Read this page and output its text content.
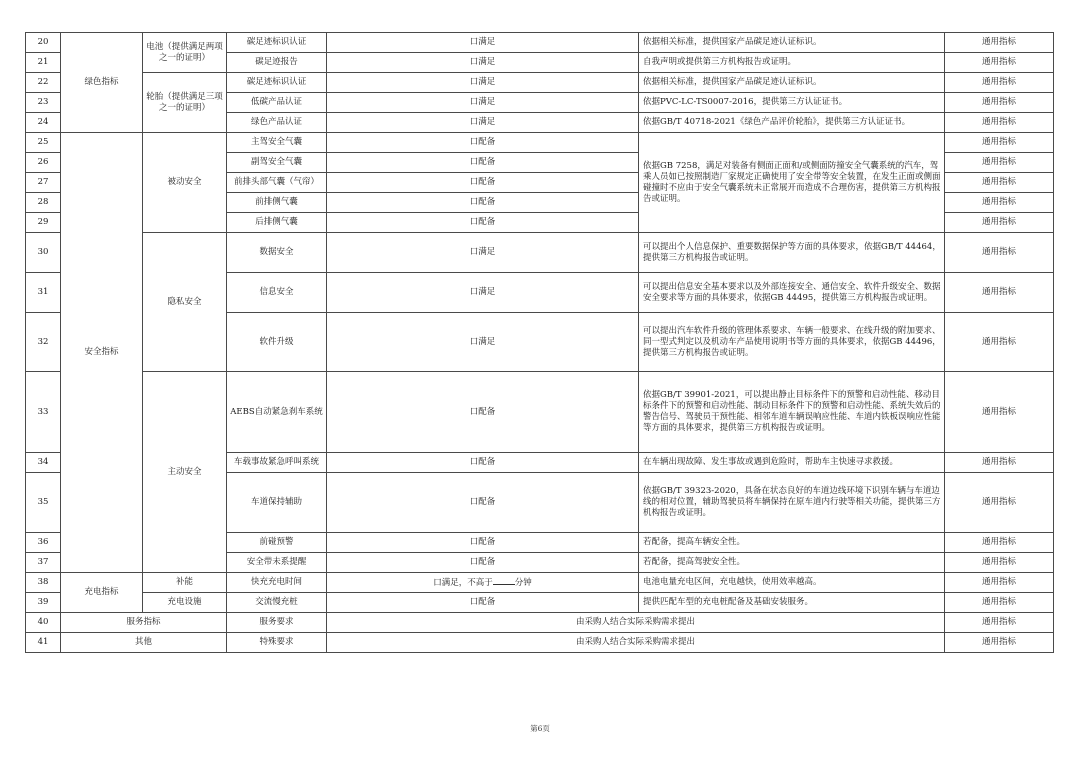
20	绿色指标	电池（提供满足两项之一的证明）	碳足迹标识认证	口满足	依据相关标准，提供国家产品碳足迹认证标识。	通用指标
21			碳足迹报告	口满足	自我声明或提供第三方机构报告或证明。	通用指标
22		轮胎（提供满足三项之一的证明）	碳足迹标识认证	口满足	依据相关标准，提供国家产品碳足迹认证标识。	通用指标
23			低碳产品认证	口满足	依据PVC-LC-TS0007-2016，提供第三方认证证书。	通用指标
24			绿色产品认证	口满足	依据GB/T 40718-2021《绿色产品评价轮胎》，提供第三方认证证书。	通用指标
25	安全指标	被动安全	主驾安全气囊	口配备		通用指标
26			副驾安全气囊	口配备	依据GB 7258，满足对装备有侧面正面和/或侧面防撞安全气囊系统的汽车，驾乘人员如已按照制造厂家规定正确使用了安全带等安全装置，在发生正面或侧面碰撞时不应由于安全气囊系统未正常展开而造成不合理伤害，提供第三方机构报告或证明。	通用指标
27			前排头部气囊（气帘）	口配备		通用指标
28			前排侧气囊	口配备		通用指标
29			后排侧气囊	口配备		通用指标
30		隐私安全	数据安全	口满足	可以提出个人信息保护、重要数据保护等方面的具体要求，依据GB/T 44464，提供第三方机构报告或证明。	通用指标
31			信息安全	口满足	可以提出信息安全基本要求以及外部连接安全、通信安全、软件升级安全、数据安全要求等方面的具体要求，依据GB 44495，提供第三方机构报告或证明。	通用指标
32			软件升级	口满足	可以提出汽车软件升级的管理体系要求、车辆一般要求、在线升级的附加要求、同一型式判定以及机动车产品使用说明书等方面的具体要求，依据GB 44496，提供第三方机构报告或证明。	通用指标
33		主动安全	AEBS自动紧急刹车系统	口配备	依据GB/T 39901-2021，可以提出静止目标条件下的预警和启动性能、移动目标条件下的预警和启动性能、制动目标条件下的预警和启动性能、系统失效后的警告信号、驾驶员干预性能、相邻车道车辆误响应性能、车道内铁板误响应性能等方面的具体要求，提供第三方机构报告或证明。	通用指标
34			车载事故紧急呼叫系统	口配备	在车辆出现故障、发生事故或遇到危险时，帮助车主快速寻求救援。	通用指标
35			车道保持辅助	口配备	依据GB/T 39323-2020，具备在状态良好的车道边线环境下识别车辆与车道边线的相对位置，辅助驾驶员将车辆保持在原车道内行驶等相关功能，提供第三方机构报告或证明。	通用指标
36			前碰预警	口配备	若配备，提高车辆安全性。	通用指标
37			安全带未系提醒	口配备	若配备，提高驾驶安全性。	通用指标
38	充电指标	补能	快充充电时间	口满足，不高于 分钟	电池电量充电区间，充电越快，使用效率越高。	通用指标
39		充电设施	交流慢充桩	口配备	提供匹配车型的充电桩配备及基础安装服务。	通用指标
40	服务指标		服务要求	由采购人结合实际采购需求提出		通用指标
41	其他		特殊要求	由采购人结合实际采购需求提出		通用指标
第6页
